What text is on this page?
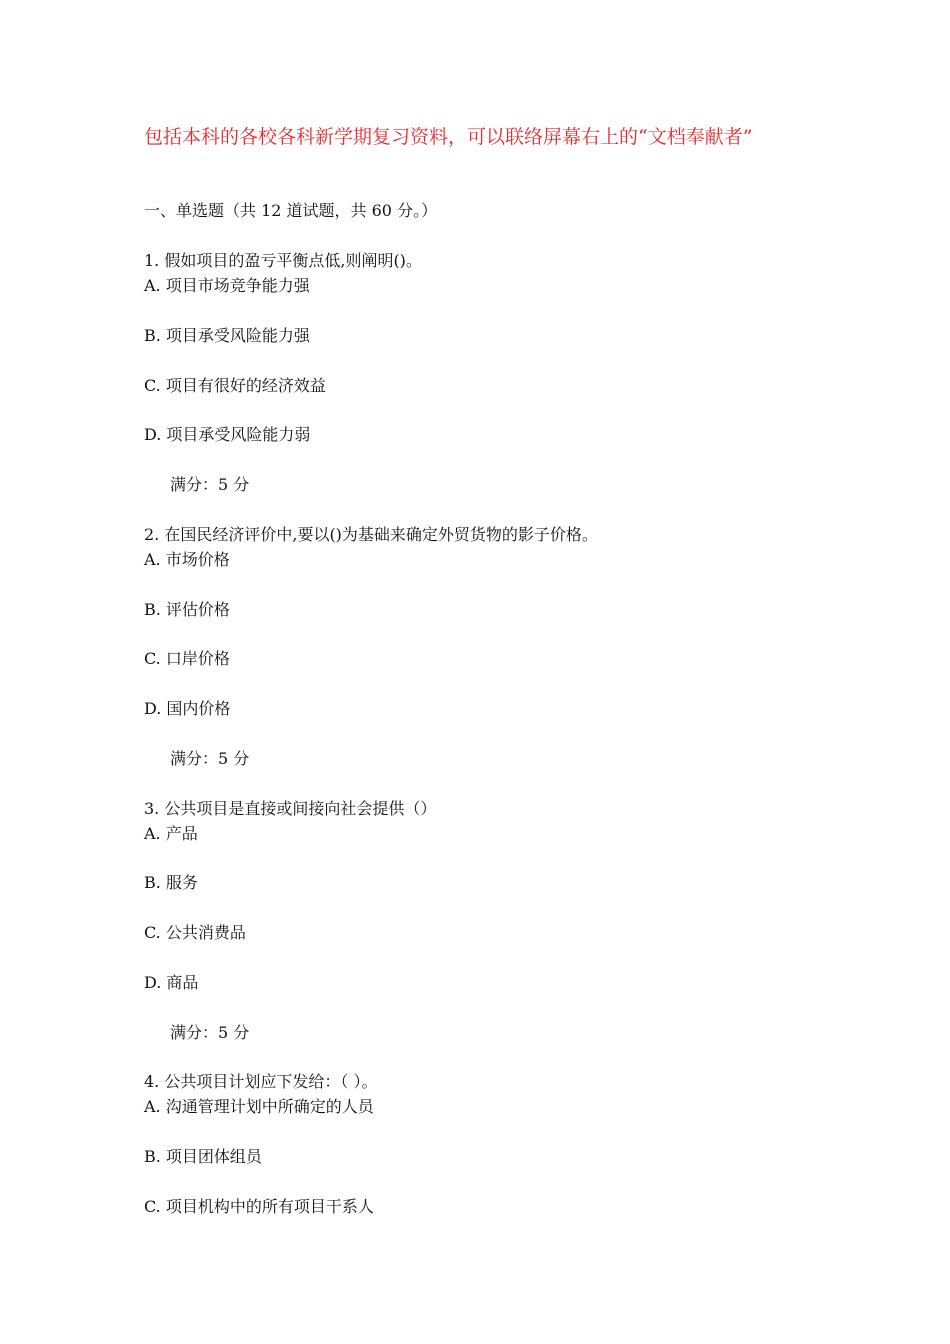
包括本科的各校各科新学期复习资料，可以联络屏幕右上的“文档奉献者”
一、单选题（共 12 道试题，共 60 分。）
1. 假如项目的盈亏平衡点低,则阐明()。
A. 项目市场竞争能力强
B. 项目承受风险能力强
C. 项目有很好的经济效益
D. 项目承受风险能力弱
满分：5 分
2. 在国民经济评价中,要以()为基础来确定外贸货物的影子价格。
A. 市场价格
B. 评估价格
C. 口岸价格
D. 国内价格
满分：5 分
3. 公共项目是直接或间接向社会提供（）
A. 产品
B. 服务
C. 公共消费品
D. 商品
满分：5 分
4. 公共项目计划应下发给：（ ）。
A. 沟通管理计划中所确定的人员
B. 项目团体组员
C. 项目机构中的所有项目干系人
